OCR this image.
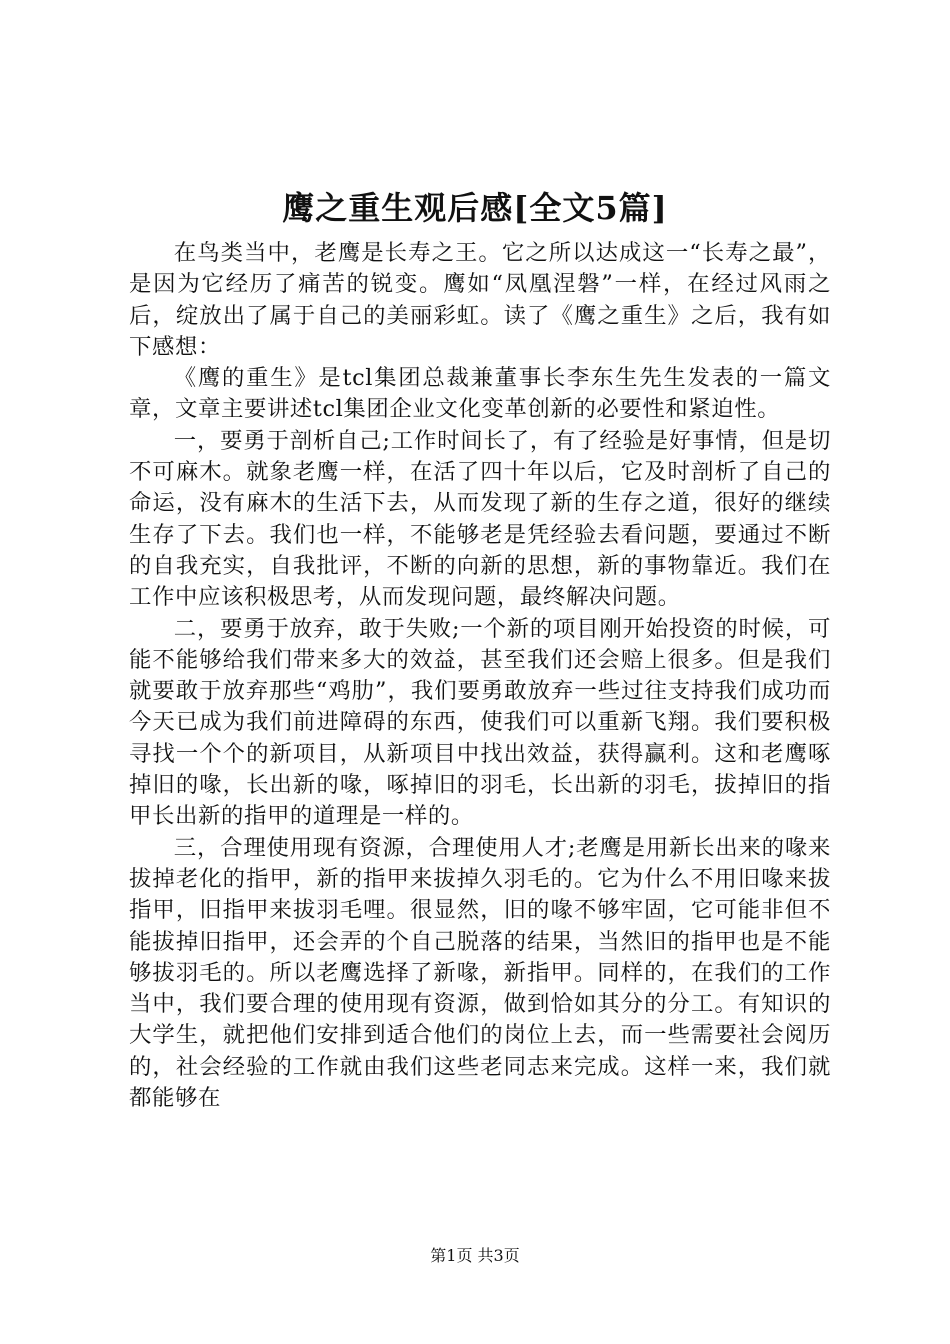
鹰之重生观后感[全文5篇]

在鸟类当中，老鹰是长寿之王。它之所以达成这一“长寿之最”，是因为它经历了痛苦的锐变。鹰如“凤凰涅磐”一样，在经过风雨之后，绽放出了属于自己的美丽彩虹。读了《鹰之重生》之后，我有如下感想：

《鹰的重生》是tcl集团总裁兼董事长李东生先生发表的一篇文章，文章主要讲述tcl集团企业文化变革创新的必要性和紧迫性。

一，要勇于剖析自己;工作时间长了，有了经验是好事情，但是切不可麻木。就象老鹰一样，在活了四十年以后，它及时剖析了自己的命运，没有麻木的生活下去，从而发现了新的生存之道，很好的继续生存了下去。我们也一样，不能够老是凭经验去看问题，要通过不断的自我充实，自我批评，不断的向新的思想，新的事物靠近。我们在工作中应该积极思考，从而发现问题，最终解决问题。

二，要勇于放弃，敢于失败;一个新的项目刚开始投资的时候，可能不能够给我们带来多大的效益，甚至我们还会赔上很多。但是我们就要敢于放弃那些“鸡肋”，我们要勇敢放弃一些过往支持我们成功而今天已成为我们前进障碍的东西，使我们可以重新飞翔。我们要积极寻找一个个的新项目，从新项目中找出效益，获得赢利。这和老鹰啄掉旧的喙，长出新的喙，啄掉旧的羽毛，长出新的羽毛，拔掉旧的指甲长出新的指甲的道理是一样的。

三，合理使用现有资源，合理使用人才;老鹰是用新长出来的喙来拔掉老化的指甲，新的指甲来拔掉久羽毛的。它为什么不用旧喙来拔指甲，旧指甲来拔羽毛哩。很显然，旧的喙不够牢固，它可能非但不能拔掉旧指甲，还会弄的个自己脱落的结果，当然旧的指甲也是不能够拔羽毛的。所以老鹰选择了新喙，新指甲。同样的，在我们的工作当中，我们要合理的使用现有资源，做到恰如其分的分工。有知识的大学生，就把他们安排到适合他们的岗位上去，而一些需要社会阅历的，社会经验的工作就由我们这些老同志来完成。这样一来，我们就都能够在

第1页 共3页
